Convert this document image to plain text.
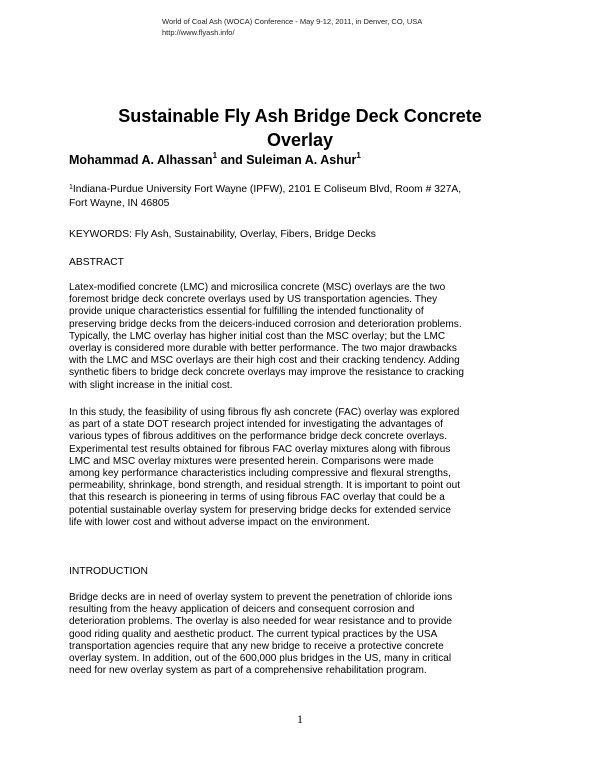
World of Coal Ash (WOCA) Conference - May 9-12, 2011, in Denver, CO, USA
http://www.flyash.info/
Sustainable Fly Ash Bridge Deck Concrete
Overlay
Mohammad A. Alhassan$^1$ and Suleiman A. Ashur$^1$
$^1$Indiana-Purdue University Fort Wayne (IPFW), 2101 E Coliseum Blvd, Room # 327A,
Fort Wayne, IN 46805
KEYWORDS: Fly Ash, Sustainability, Overlay, Fibers, Bridge Decks
ABSTRACT
Latex-modified concrete (LMC) and microsilica concrete (MSC) overlays are the two
foremost bridge deck concrete overlays used by US transportation agencies. They
provide unique characteristics essential for fulfilling the intended functionality of
preserving bridge decks from the deicers-induced corrosion and deterioration problems.
Typically, the LMC overlay has higher initial cost than the MSC overlay; but the LMC
overlay is considered more durable with better performance. The two major drawbacks
with the LMC and MSC overlays are their high cost and their cracking tendency. Adding
synthetic fibers to bridge deck concrete overlays may improve the resistance to cracking
with slight increase in the initial cost.
In this study, the feasibility of using fibrous fly ash concrete (FAC) overlay was explored
as part of a state DOT research project intended for investigating the advantages of
various types of fibrous additives on the performance bridge deck concrete overlays.
Experimental test results obtained for fibrous FAC overlay mixtures along with fibrous
LMC and MSC overlay mixtures were presented herein. Comparisons were made
among key performance characteristics including compressive and flexural strengths,
permeability, shrinkage, bond strength, and residual strength. It is important to point out
that this research is pioneering in terms of using fibrous FAC overlay that could be a
potential sustainable overlay system for preserving bridge decks for extended service
life with lower cost and without adverse impact on the environment.
INTRODUCTION
Bridge decks are in need of overlay system to prevent the penetration of chloride ions
resulting from the heavy application of deicers and consequent corrosion and
deterioration problems. The overlay is also needed for wear resistance and to provide
good riding quality and aesthetic product. The current typical practices by the USA
transportation agencies require that any new bridge to receive a protective concrete
overlay system. In addition, out of the 600,000 plus bridges in the US, many in critical
need for new overlay system as part of a comprehensive rehabilitation program.
1
